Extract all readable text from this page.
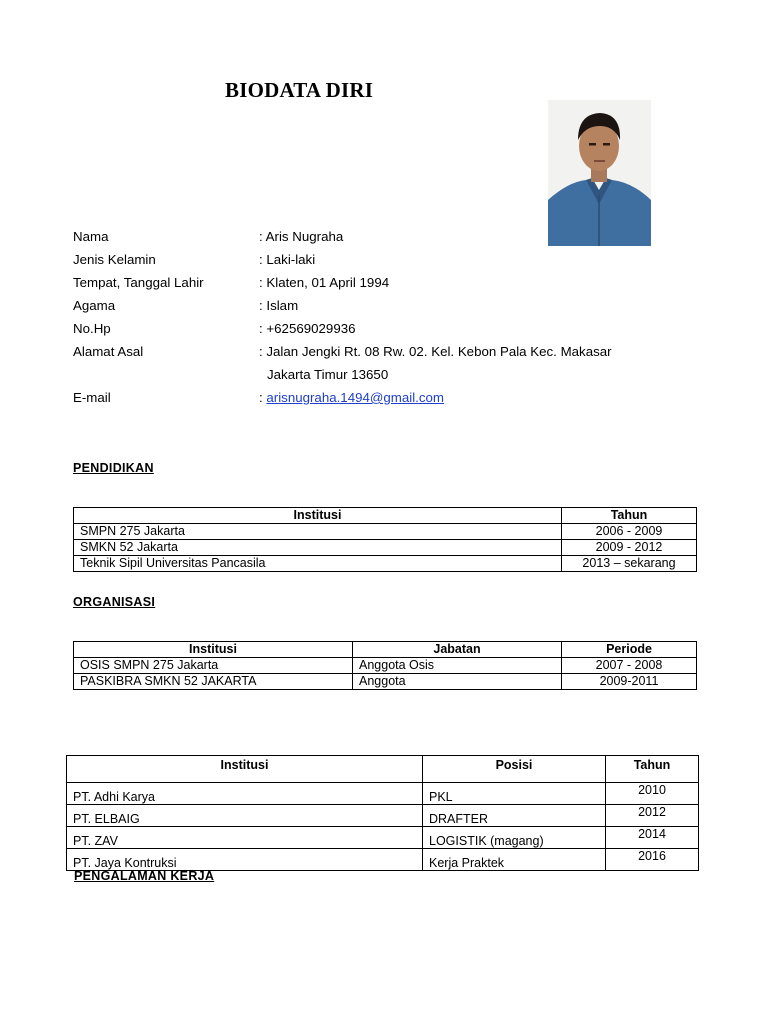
BIODATA DIRI
Nama	: Aris Nugraha
Jenis Kelamin	: Laki-laki
Tempat, Tanggal Lahir	: Klaten, 01 April 1994
Agama	: Islam
No.Hp	: +62569029936
Alamat Asal	: Jalan Jengki Rt. 08 Rw. 02. Kel. Kebon Pala Kec. Makasar
Jakarta Timur 13650
E-mail	: arisnugraha.1494@gmail.com
PENDIDIKAN
Institusi	Tahun
SMPN 275 Jakarta	2006 - 2009
SMKN 52 Jakarta	2009 - 2012
Teknik Sipil Universitas Pancasila	2013 – sekarang
ORGANISASI
Institusi	Jabatan	Periode
OSIS SMPN 275 Jakarta	Anggota Osis	2007 - 2008
PASKIBRA SMKN 52 JAKARTA	Anggota	2009-2011
Institusi	Posisi	Tahun
PT. Adhi Karya	PKL	2010
PT. ELBAIG	DRAFTER	2012
PT. ZAV	LOGISTIK (magang)	2014
PT. Jaya Kontruksi	Kerja Praktek	2016
PENGALAMAN KERJA
